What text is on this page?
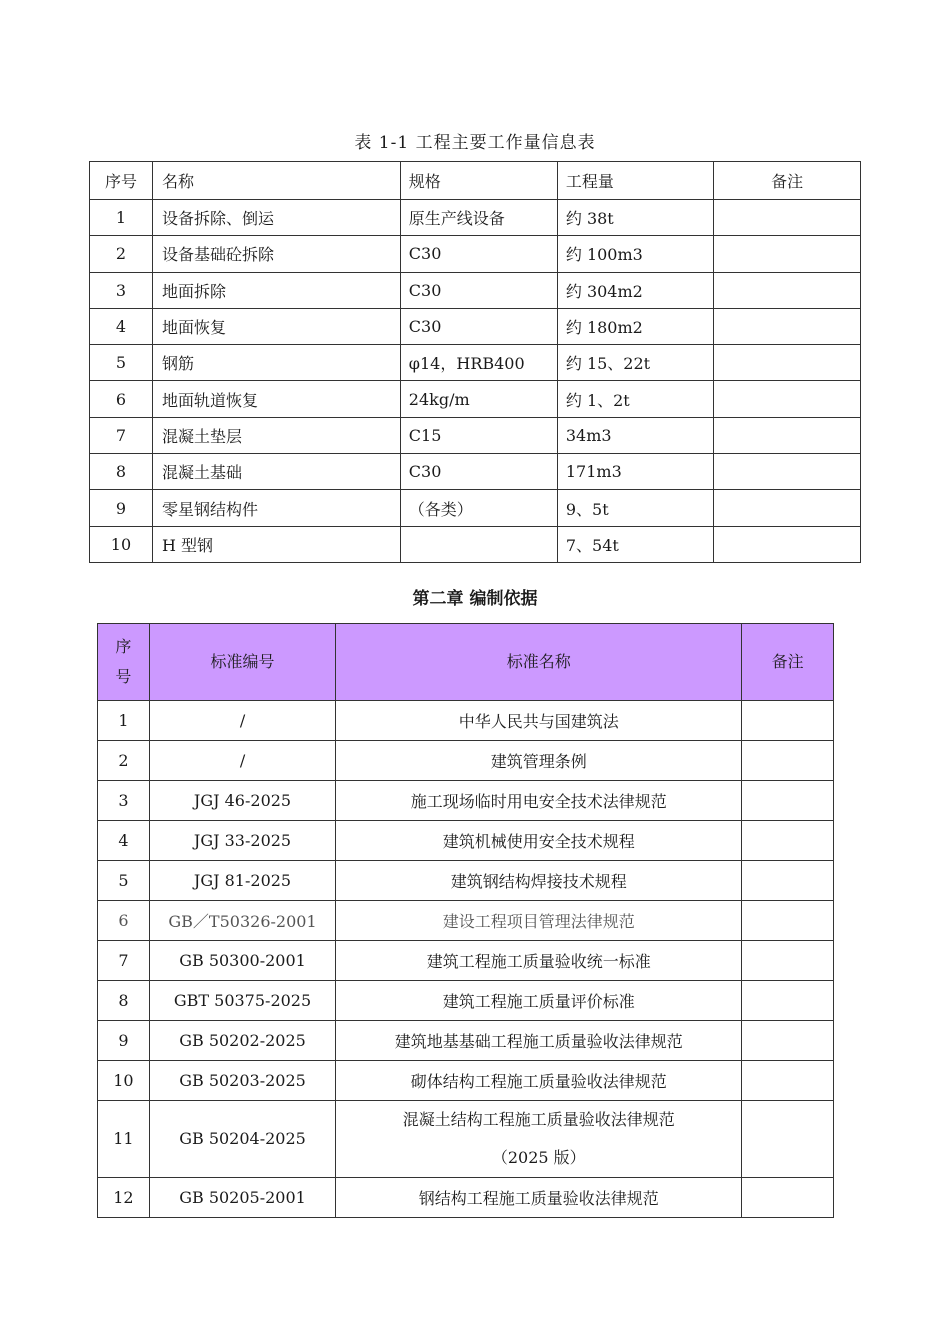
表 1-1 工程主要工作量信息表
序号	名称	规格	工程量	备注
1	设备拆除、倒运	原生产线设备	约 38t	
2	设备基础砼拆除	C30	约 100m3	
3	地面拆除	C30	约 304m2	
4	地面恢复	C30	约 180m2	
5	钢筋	φ14，HRB400	约 15、22t	
6	地面轨道恢复	24kg/m	约 1、2t	
7	混凝土垫层	C15	34m3	
8	混凝土基础	C30	171m3	
9	零星钢结构件	（各类）	9、5t	
10	H 型钢		7、54t	
第二章 编制依据
序
号	标准编号	标准名称	备注
1	/	中华人民共与国建筑法	
2	/	建筑管理条例	
3	JGJ 46-2025	施工现场临时用电安全技术法律规范	
4	JGJ 33-2025	建筑机械使用安全技术规程	
5	JGJ 81-2025	建筑钢结构焊接技术规程	
6	GB／T50326-2001	建设工程项目管理法律规范	
7	GB 50300-2001	建筑工程施工质量验收统一标准	
8	GBT 50375-2025	建筑工程施工质量评价标准	
9	GB 50202-2025	建筑地基基础工程施工质量验收法律规范	
10	GB 50203-2025	砌体结构工程施工质量验收法律规范	
11	GB 50204-2025	混凝土结构工程施工质量验收法律规范
（2025 版）	

12	GB 50205-2001	钢结构工程施工质量验收法律规范	
